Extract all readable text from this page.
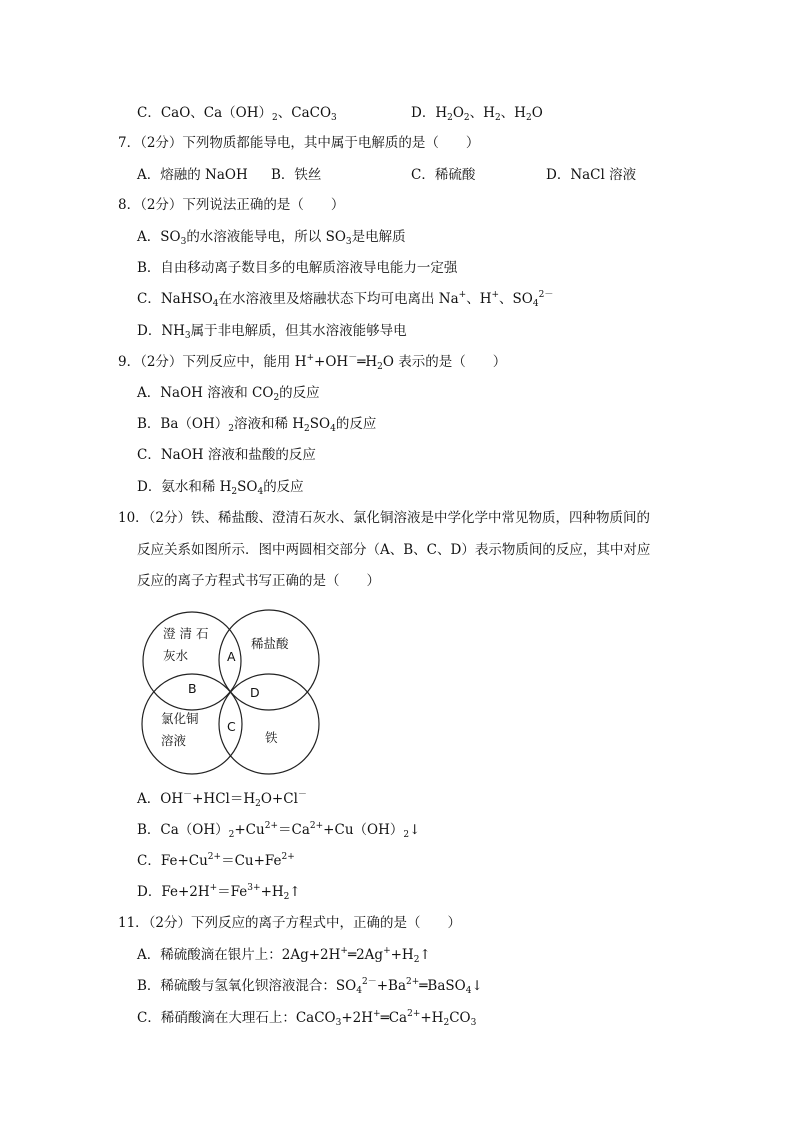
C．CaO、$Ca(OH)_2$、CaCO$_3$	D．$H_2O_2$、$H_2$、$H_2O$
7．（2分）下列物质都能导电，其中属于电解质的是（　　）
A．熔融的 NaOH B．铁丝	C．稀硫酸	D．NaCl 溶液
8．（2分）下列说法正确的是（　　）
A．$SO_3$的水溶液能导电，所以 $SO_3$是电解质
B．自由移动离子数目多的电解质溶液导电能力一定强
C．NaHSO$_4$在水溶液里及熔融状态下均可电离出 Na+、H+、$SO_4^{2-}$
D．$NH_3$属于非电解质，但其水溶液能够导电
9．（2分）下列反应中，能用 $H^++OH^-═H_2O$ 表示的是（　　）
A．NaOH 溶液和 $CO_2$的反应
B．$Ba(OH)_2$溶液和稀 $H_2SO_4$的反应
C．NaOH 溶液和盐酸的反应
D．氨水和稀 $H_2SO_4$的反应
10．（2分）铁、稀盐酸、澄清石灰水、氯化铜溶液是中学化学中常见物质，四种物质间的
反应关系如图所示．图中两圆相交部分（A、B、C、D）表示物质间的反应，其中对应
反应的离子方程式书写正确的是（　　）
澄 清 石
灰水
稀盐酸
氯化铜
溶液	铁
A
B
C
D
A．$OH^-+HCl=H_2O+Cl^-$
B．$Ca(OH)_2+Cu^{2+}=Ca^{2+}+Cu(OH)_2↓$
C．$Fe+Cu^{2+}=Cu+Fe^{2+}$
D．$Fe+2H^+=Fe^{3+}+H_2↑$
11．（2分）下列反应的离子方程式中，正确的是（　　）
A．稀硫酸滴在银片上：$2Ag+2H^+═2Ag^++H_2↑$
B．稀硫酸与氢氧化钡溶液混合：$SO_4^{2-}+Ba^{2+}═BaSO_4↓$
C．稀硝酸滴在大理石上：$CaCO_3+2H^+═Ca^{2+}+H_2CO_3$
